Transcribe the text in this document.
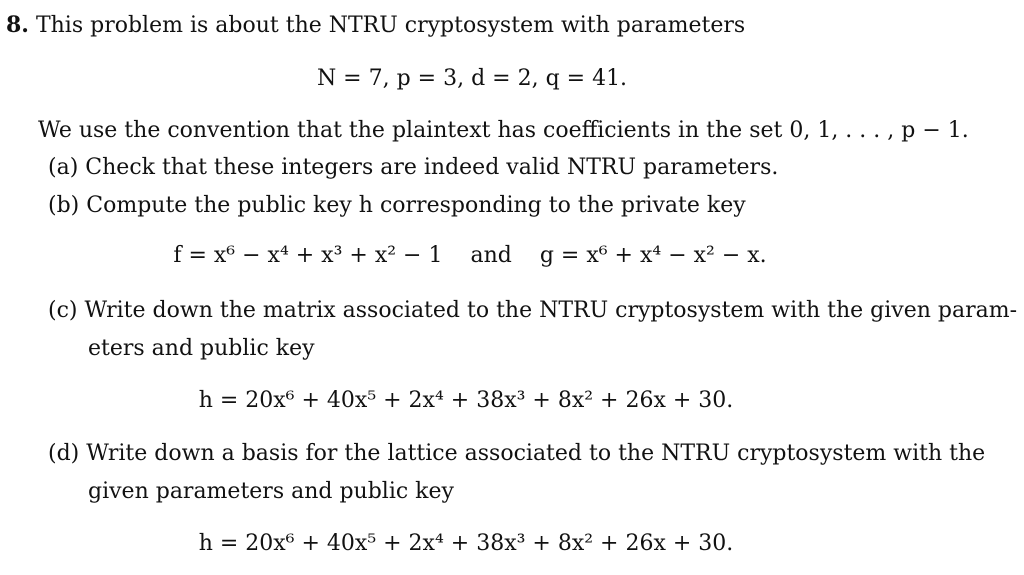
8. This problem is about the NTRU cryptosystem with parameters
N = 7, p = 3, d = 2, q = 41.
We use the convention that the plaintext has coefficients in the set 0, 1, . . . , p − 1.
(a) Check that these integers are indeed valid NTRU parameters.
(b) Compute the public key h corresponding to the private key
f = x⁶ − x⁴ + x³ + x² − 1 and g = x⁶ + x⁴ − x² − x.
(c) Write down the matrix associated to the NTRU cryptosystem with the given param-
eters and public key
h = 20x⁶ + 40x⁵ + 2x⁴ + 38x³ + 8x² + 26x + 30.
(d) Write down a basis for the lattice associated to the NTRU cryptosystem with the
given parameters and public key
h = 20x⁶ + 40x⁵ + 2x⁴ + 38x³ + 8x² + 26x + 30.
